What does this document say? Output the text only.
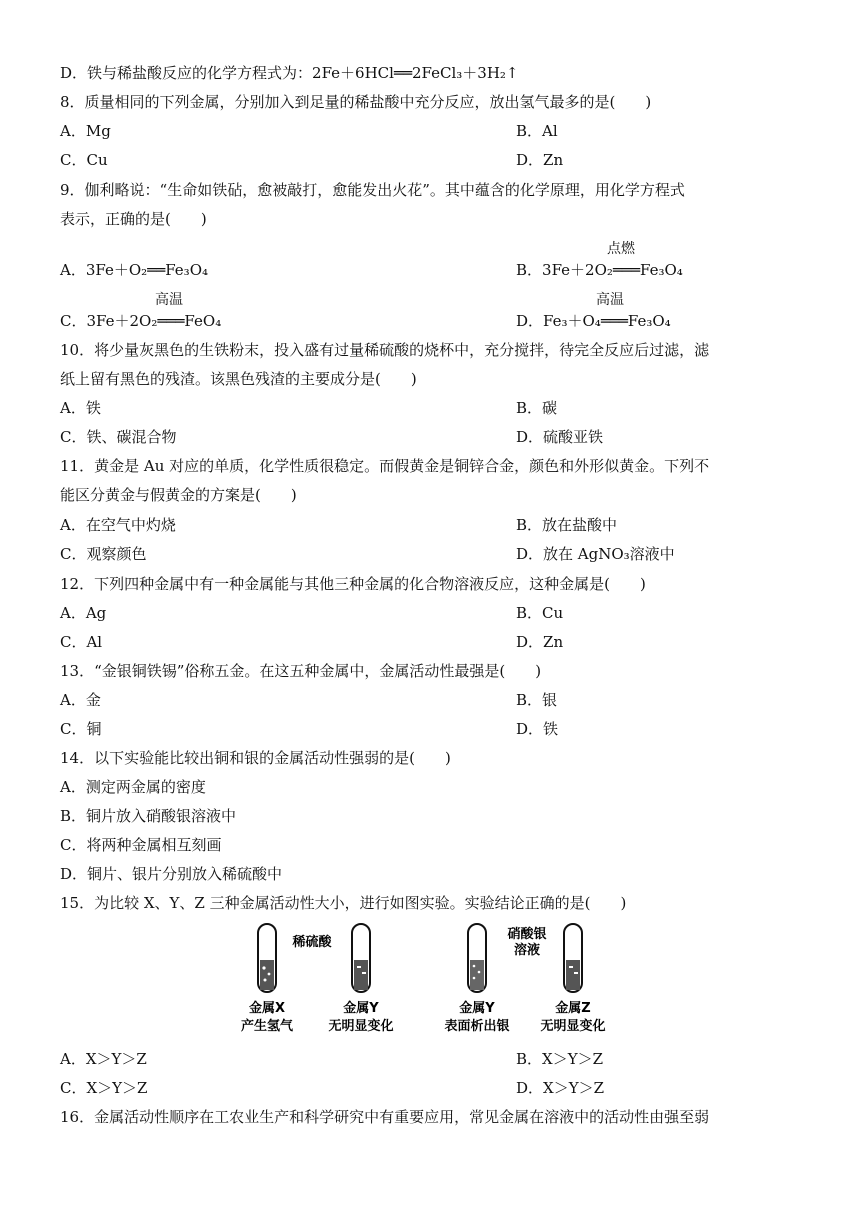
D．铁与稀盐酸反应的化学方程式为：2Fe＋6HCl══2FeCl₃＋3H₂↑
8．质量相同的下列金属，分别加入到足量的稀盐酸中充分反应，放出氢气最多的是(　　)
A．Mg	B．Al
C．Cu	D．Zn
9．伽利略说：“生命如铁砧，愈被敲打，愈能发出火花”。其中蕴含的化学原理，用化学方程式
表示，正确的是(　　)
点燃
A．3Fe＋O₂══Fe₃O₄	B．3Fe＋2O₂═══Fe₃O₄
高温	高温
C．3Fe＋2O₂═══FeO₄	D．Fe₃＋O₄═══Fe₃O₄
10．将少量灰黑色的生铁粉末，投入盛有过量稀硫酸的烧杯中，充分搅拌，待完全反应后过滤，滤
纸上留有黑色的残渣。该黑色残渣的主要成分是(　　)
A．铁	B．碳
C．铁、碳混合物	D．硫酸亚铁
11．黄金是 Au 对应的单质，化学性质很稳定。而假黄金是铜锌合金，颜色和外形似黄金。下列不
能区分黄金与假黄金的方案是(　　)
A．在空气中灼烧	B．放在盐酸中
C．观察颜色	D．放在 AgNO₃溶液中
12．下列四种金属中有一种金属能与其他三种金属的化合物溶液反应，这种金属是(　　)
A．Ag	B．Cu
C．Al	D．Zn
13．“金银铜铁锡”俗称五金。在这五种金属中，金属活动性最强是(　　)
A．金	B．银
C．铜	D．铁
14．以下实验能比较出铜和银的金属活动性强弱的是(　　)
A．测定两金属的密度
B．铜片放入硝酸银溶液中
C．将两种金属相互刻画
D．铜片、银片分别放入稀硫酸中
15．为比较 X、Y、Z 三种金属活动性大小，进行如图实验。实验结论正确的是(　　)
稀硫酸
硝酸银
溶液
金属X
产生氢气
金属Y
无明显变化
金属Y
表面析出银
金属Z
无明显变化
A．X＞Y＞Z	B．X＞Y＞Z
C．X＞Y＞Z	D．X＞Y＞Z
16．金属活动性顺序在工农业生产和科学研究中有重要应用，常见金属在溶液中的活动性由强至弱
